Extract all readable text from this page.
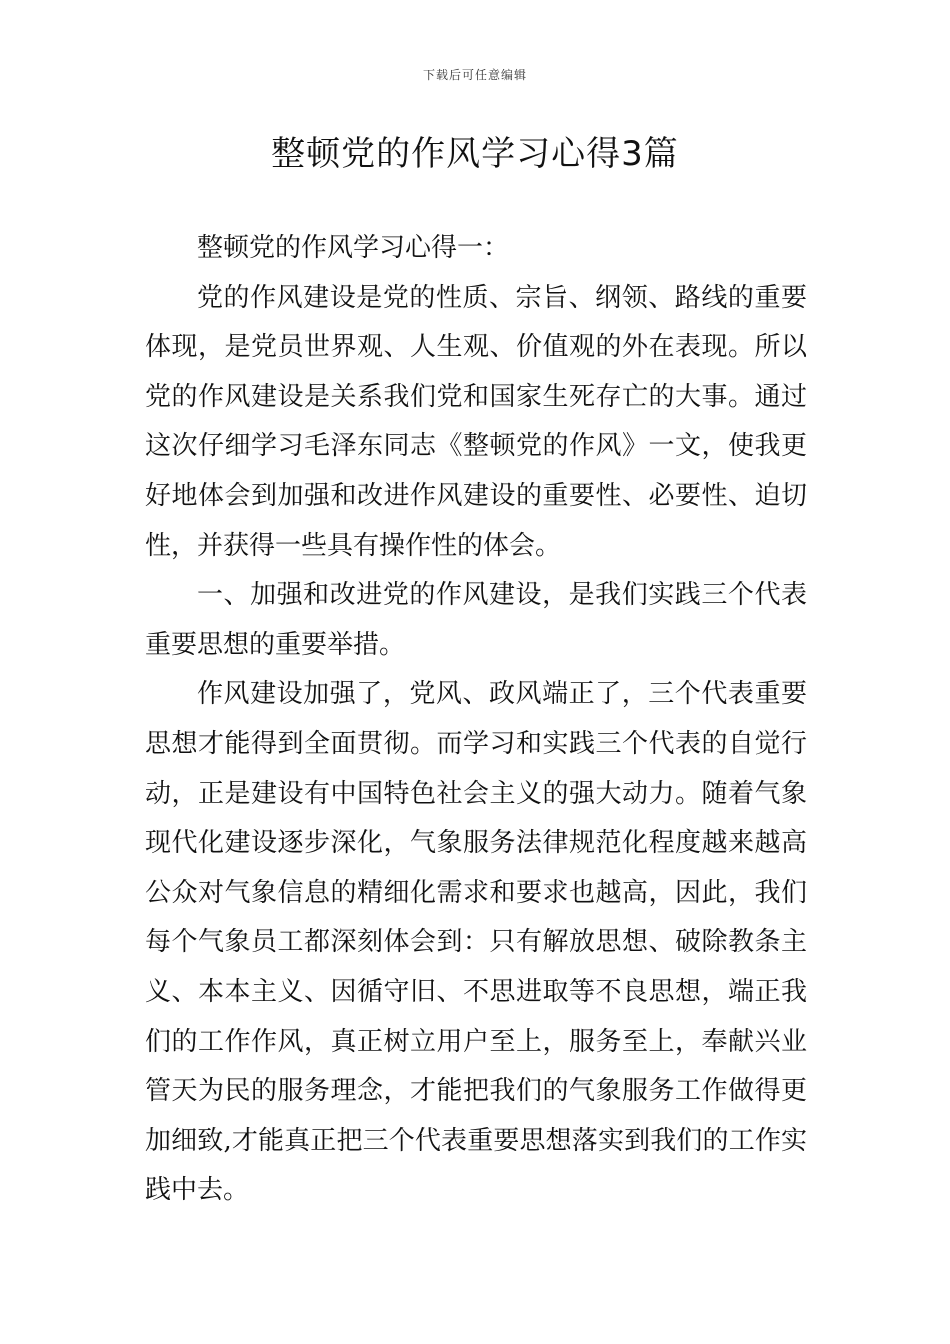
下载后可任意编辑
整顿党的作风学习心得3篇

整顿党的作风学习心得一：

党的作风建设是党的性质、宗旨、纲领、路线的重要体现，是党员世界观、人生观、价值观的外在表现。所以党的作风建设是关系我们党和国家生死存亡的大事。通过这次仔细学习毛泽东同志《整顿党的作风》一文，使我更好地体会到加强和改进作风建设的重要性、必要性、迫切性，并获得一些具有操作性的体会。

一、加强和改进党的作风建设，是我们实践三个代表重要思想的重要举措。

作风建设加强了，党风、政风端正了，三个代表重要思想才能得到全面贯彻。而学习和实践三个代表的自觉行动，正是建设有中国特色社会主义的强大动力。随着气象现代化建设逐步深化，气象服务法律规范化程度越来越高公众对气象信息的精细化需求和要求也越高，因此，我们每个气象员工都深刻体会到：只有解放思想、破除教条主义、本本主义、因循守旧、不思进取等不良思想，端正我们的工作作风，真正树立用户至上，服务至上，奉献兴业管天为民的服务理念，才能把我们的气象服务工作做得更加细致,才能真正把三个代表重要思想落实到我们的工作实践中去。
